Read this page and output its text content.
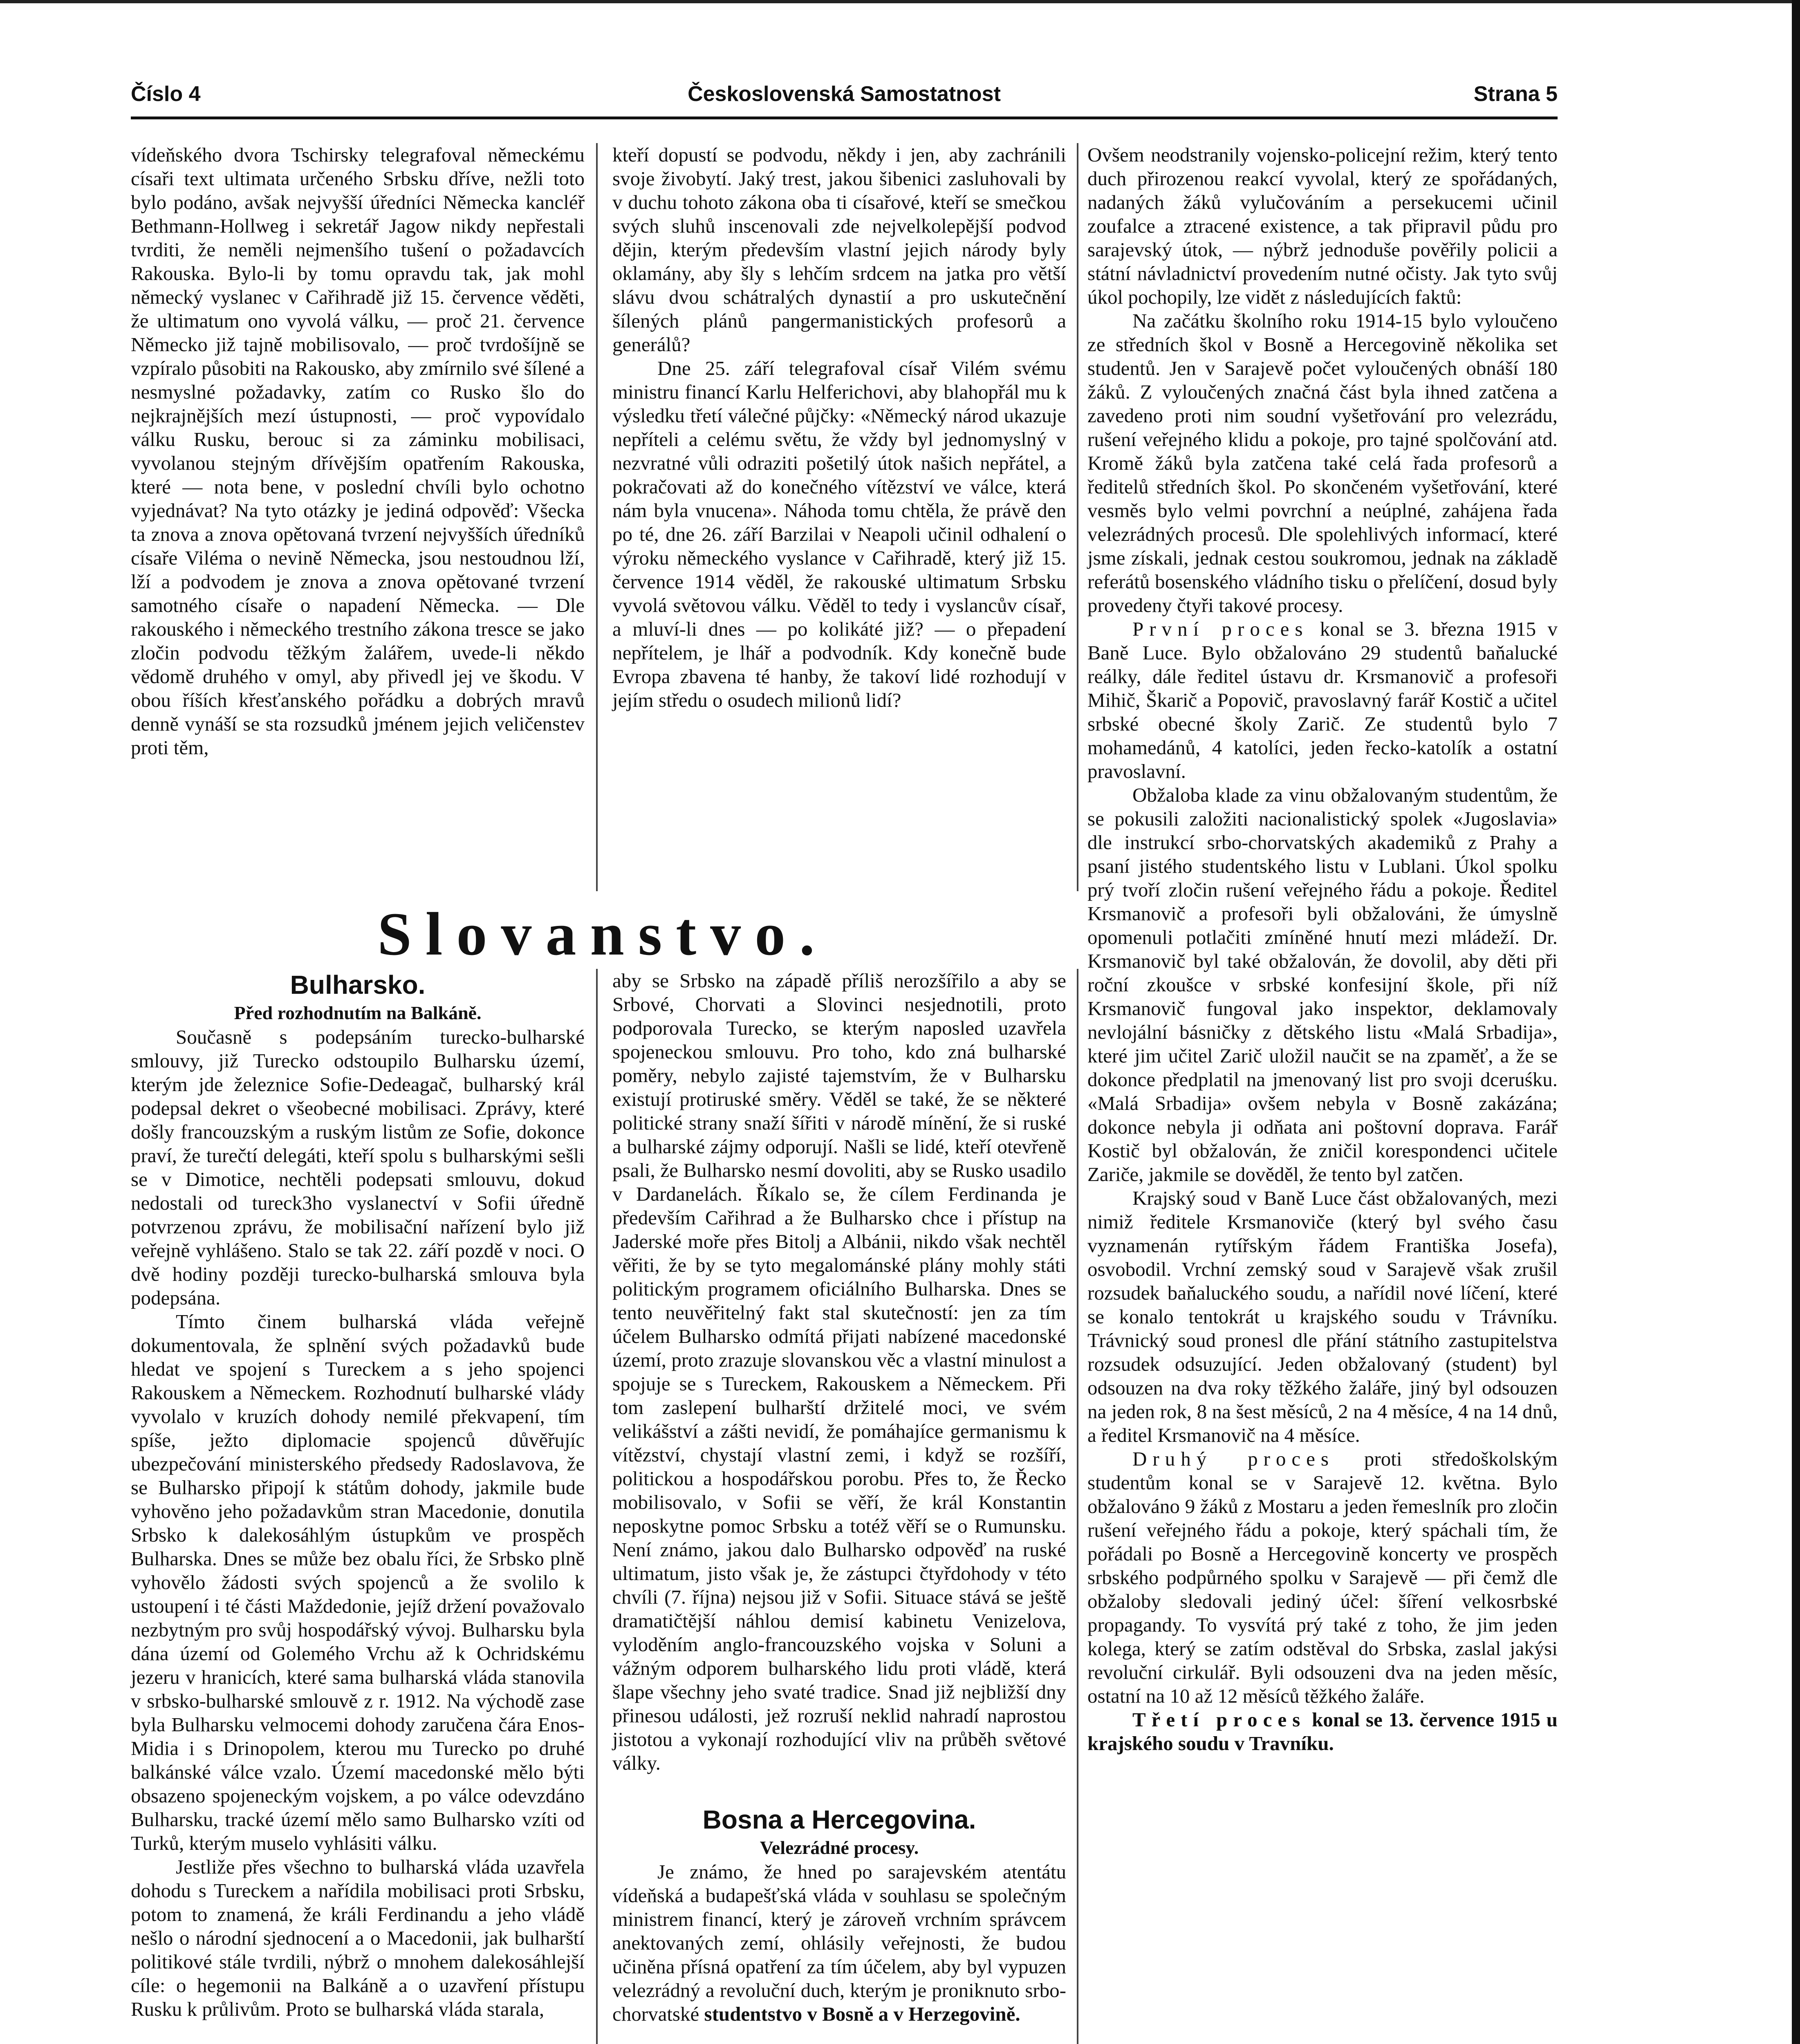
Číslo 4	Československá Samostatnost	Strana 5

vídeňského dvora Tschirsky telegrafoval německému císaři text ultimata určeného Srbsku dříve, nežli toto bylo podáno, avšak nejvyšší úředníci Německa kancléř Bethmann-Hollweg i sekretář Jagow nikdy nepřestali tvrditi, že neměli nejmenšího tušení o požadavcích Rakouska. Bylo-li by tomu opravdu tak, jak mohl německý vyslanec v Cařihradě již 15. července věděti, že ultimatum ono vyvolá válku, — proč 21. července Německo již tajně mobilisovalo, — proč tvrdošíjně se vzpíralo působiti na Rakousko, aby zmírnilo své šílené a nesmyslné požadavky, zatím co Rusko šlo do nejkrajnějších mezí ústupnosti, — proč vypovídalo válku Rusku, berouc si za záminku mobilisaci, vyvolanou stejným dřívějším opatřením Rakouska, které — nota bene, v poslední chvíli bylo ochotno vyjednávat? Na tyto otázky je jediná odpověď: Všecka ta znova a znova opětovaná tvrzení nejvyšších úředníků císaře Viléma o nevině Německa, jsou nestoudnou lží, lží a podvodem je znova a znova opětované tvrzení samotného císaře o napadení Německa. — Dle rakouského i německého trestního zákona tresce se jako zločin podvodu těžkým žalářem, uvede-li někdo vědomě druhého v omyl, aby přivedl jej ve škodu. V obou říších křesťanského pořádku a dobrých mravů denně vynáší se sta rozsudků jménem jejich veličenstev proti těm,

kteří dopustí se podvodu, někdy i jen, aby zachránili svoje živobytí. Jaký trest, jakou šibenici zasluhovali by v duchu tohoto zákona oba ti císařové, kteří se smečkou svých sluhů inscenovali zde nejvelkolepější podvod dějin, kterým především vlastní jejich národy byly oklamány, aby šly s lehčím srdcem na jatka pro větší slávu dvou schátralých dynastií a pro uskutečnění šílených plánů pangermanistických profesorů a generálů?

Dne 25. září telegrafoval císař Vilém svému ministru financí Karlu Helferichovi, aby blahopřál mu k výsledku třetí válečné půjčky: «Německý národ ukazuje nepříteli a celému světu, že vždy byl jednomyslný v nezvratné vůli odraziti pošetilý útok našich nepřátel, a pokračovati až do konečného vítězství ve válce, která nám byla vnucena». Náhoda tomu chtěla, že právě den po té, dne 26. září Barzilai v Neapoli učinil odhalení o výroku německého vyslance v Cařihradě, který již 15. července 1914 věděl, že rakouské ultimatum Srbsku vyvolá světovou válku. Věděl to tedy i vyslancův císař, a mluví-li dnes — po kolikáté již? — o přepadení nepřítelem, je lhář a podvodník. Kdy konečně bude Evropa zbavena té hanby, že takoví lidé rozhodují v jejím středu o osudech milionů lidí?

Ovšem neodstranily vojensko-policejní režim, který tento duch přirozenou reakcí vyvolal, který ze spořádaných, nadaných žáků vylučováním a persekucemi učinil zoufalce a ztracené existence, a tak připravil půdu pro sarajevský útok, — nýbrž jednoduše pověřily policii a státní návladnictví provedením nutné očisty. Jak tyto svůj úkol pochopily, lze vidět z následujících faktů:

Na začátku školního roku 1914-15 bylo vyloučeno ze středních škol v Bosně a Hercegovině několika set studentů. Jen v Sarajevě počet vyloučených obnáší 180 žáků. Z vyloučených značná část byla ihned zatčena a zavedeno proti nim soudní vyšetřování pro velezrádu, rušení veřejného klidu a pokoje, pro tajné spolčování atd. Kromě žáků byla zatčena také celá řada profesorů a ředitelů středních škol. Po skončeném vyšetřování, které vesměs bylo velmi povrchní a neúplné, zahájena řada velezrádných procesů. Dle spolehlivých informací, které jsme získali, jednak cestou soukromou, jednak na základě referátů bosenského vládního tisku o přelíčení, dosud byly provedeny čtyři takové procesy.

První proces konal se 3. března 1915 v Baně Luce. Bylo obžalováno 29 studentů baňalucké reálky, dále ředitel ústavu dr. Krsmanovič a profesoři Mihič, Škarič a Popovič, pravoslavný farář Kostič a učitel srbské obecné školy Zarič. Ze studentů bylo 7 mohamedánů, 4 katolíci, jeden řecko-katolík a ostatní pravoslavní.

Obžaloba klade za vinu obžalovaným studentům, že se pokusili založiti nacionalistický spolek «Jugoslavia» dle instrukcí srbo-chorvatských akademiků z Prahy a psaní jistého studentského listu v Lublani. Úkol spolku prý tvoří zločin rušení veřejného řádu a pokoje. Ředitel Krsmanovič a profesoři byli obžalováni, že úmyslně opomenuli potlačiti zmíněné hnutí mezi mládeží. Dr. Krsmanovič byl také obžalován, že dovolil, aby děti při roční zkoušce v srbské konfesijní škole, při níž Krsmanovič fungoval jako inspektor, deklamovaly nevlojální básničky z dětského listu «Malá Srbadija», které jim učitel Zarič uložil naučit se na zpaměť, a že se dokonce předplatil na jmenovaný list pro svoji dceruśku. «Malá Srbadija» ovšem nebyla v Bosně zakázána; dokonce nebyla ji odňata ani poštovní doprava. Farář Kostič byl obžalován, že zničil korespondenci učitele Zariče, jakmile se dověděl, že tento byl zatčen.

Krajský soud v Baně Luce část obžalovaných, mezi nimiž ředitele Krsmanoviče (který byl svého času vyznamenán rytířským řádem Františka Josefa), osvobodil. Vrchní zemský soud v Sarajevě však zrušil rozsudek baňaluckého soudu, a nařídil nové líčení, které se konalo tentokrát u krajského soudu v Trávníku. Trávnický soud pronesl dle přání státního zastupitelstva rozsudek odsuzující. Jeden obžalovaný (student) byl odsouzen na dva roky těžkého žaláře, jiný byl odsouzen na jeden rok, 8 na šest měsíců, 2 na 4 měsíce, 4 na 14 dnů, a ředitel Krsmanovič na 4 měsíce.

Druhý proces proti středoškolským studentům konal se v Sarajevě 12. května. Bylo obžalováno 9 žáků z Mostaru a jeden řemeslník pro zločin rušení veřejného řádu a pokoje, který spáchali tím, že pořádali po Bosně a Hercegovině koncerty ve prospěch srbského podpůrného spolku v Sarajevě — při čemž dle obžaloby sledovali jediný účel: šíření velkosrbské propagandy. To vysvítá prý také z toho, že jim jeden kolega, který se zatím odstěval do Srbska, zaslal jakýsi revoluční cirkulář. Byli odsouzeni dva na jeden měsíc, ostatní na 10 až 12 měsíců těžkého žaláře.

Třetí proces konal se 13. července 1915 u krajského soudu v Travníku.

Slovanstvo.

Bulharsko.

Před rozhodnutím na Balkáně.

Současně s podepsáním turecko-bulharské smlouvy, již Turecko odstoupilo Bulharsku území, kterým jde železnice Sofie-Dedeagač, bulharský král podepsal dekret o všeobecné mobilisaci. Zprávy, které došly francouzským a ruským listům ze Sofie, dokonce praví, že turečtí delegáti, kteří spolu s bulharskými sešli se v Dimotice, nechtěli podepsati smlouvu, dokud nedostali od tureck3ho vyslanectví v Sofii úředně potvrzenou zprávu, že mobilisační nařízení bylo již veřejně vyhlášeno. Stalo se tak 22. září pozdě v noci. O dvě hodiny později turecko-bulharská smlouva byla podepsána.

Tímto činem bulharská vláda veřejně dokumentovala, že splnění svých požadavků bude hledat ve spojení s Tureckem a s jeho spojenci Rakouskem a Německem. Rozhodnutí bulharské vlády vyvolalo v kruzích dohody nemilé překvapení, tím spíše, ježto diplomacie spojenců důvěřujíc ubezpečování ministerského předsedy Radoslavova, že se Bulharsko připojí k státům dohody, jakmile bude vyhověno jeho požadavkům stran Macedonie, donutila Srbsko k dalekosáhlým ústupkům ve prospěch Bulharska. Dnes se může bez obalu říci, že Srbsko plně vyhovělo žádosti svých spojenců a že svolilo k ustoupení i té části Maždedonie, jejíž držení považovalo nezbytným pro svůj hospodářský vývoj. Bulharsku byla dána území od Golemého Vrchu až k Ochridskému jezeru v hranicích, které sama bulharská vláda stanovila v srbsko-bulharské smlouvě z r. 1912. Na východě zase byla Bulharsku velmocemi dohody zaručena čára Enos-Midia i s Drinopolem, kterou mu Turecko po druhé balkánské válce vzalo. Území macedonské mělo býti obsazeno spojeneckým vojskem, a po válce odevzdáno Bulharsku, tracké území mělo samo Bulharsko vzíti od Turků, kterým muselo vyhlásiti válku.

Jestliže přes všechno to bulharská vláda uzavřela dohodu s Tureckem a nařídila mobilisaci proti Srbsku, potom to znamená, že králi Ferdinandu a jeho vládě nešlo o národní sjednocení a o Macedonii, jak bulharští politikové stále tvrdili, nýbrž o mnohem dalekosáhlejší cíle: o hegemonii na Balkáně a o uzavření přístupu Rusku k průlivům. Proto se bulharská vláda starala,

aby se Srbsko na západě příliš nerozšířilo a aby se Srbové, Chorvati a Slovinci nesjednotili, proto podporovala Turecko, se kterým naposled uzavřela spojeneckou smlouvu. Pro toho, kdo zná bulharské poměry, nebylo zajisté tajemstvím, že v Bulharsku existují protiruské směry. Věděl se také, že se některé politické strany snaží šířiti v národě mínění, že si ruské a bulharské zájmy odporují. Našli se lidé, kteří otevřeně psali, že Bulharsko nesmí dovoliti, aby se Rusko usadilo v Dardanelách. Říkalo se, že cílem Ferdinanda je především Cařihrad a že Bulharsko chce i přístup na Jaderské moře přes Bitolj a Albánii, nikdo však nechtěl věřiti, že by se tyto megalománské plány mohly státi politickým programem oficiálního Bulharska. Dnes se tento neuvěřitelný fakt stal skutečností: jen za tím účelem Bulharsko odmítá přijati nabízené macedonské území, proto zrazuje slovanskou věc a vlastní minulost a spojuje se s Tureckem, Rakouskem a Německem. Při tom zaslepení bulharští držitelé moci, ve svém velikášství a zášti nevidí, že pomáhajíce germanismu k vítězství, chystají vlastní zemi, i když se rozšíří, politickou a hospodářskou porobu. Přes to, že Řecko mobilisovalo, v Sofii se věří, že král Konstantin neposkytne pomoc Srbsku a totéž věří se o Rumunsku. Není známo, jakou dalo Bulharsko odpověď na ruské ultimatum, jisto však je, že zástupci čtyřdohody v této chvíli (7. října) nejsou již v Sofii. Situace stává se ještě dramatičtější náhlou demisí kabinetu Venizelova, vyloděním anglo-francouzského vojska v Soluni a vážným odporem bulharského lidu proti vládě, která šlape všechny jeho svaté tradice. Snad již nejbližší dny přinesou události, jež rozruší neklid nahradí naprostou jistotou a vykonají rozhodující vliv na průběh světové války.

Bosna a Hercegovina.

Velezrádné procesy.

Je známo, že hned po sarajevském atentátu vídeňská a budapešťská vláda v souhlasu se společným ministrem financí, který je zároveň vrchním správcem anektovaných zemí, ohlásily veřejnosti, že budou učiněna přísná opatření za tím účelem, aby byl vypuzen velezrádný a revoluční duch, kterým je proniknuto srbo-chorvatské studentstvo v Bosně a v Herzegovině.
